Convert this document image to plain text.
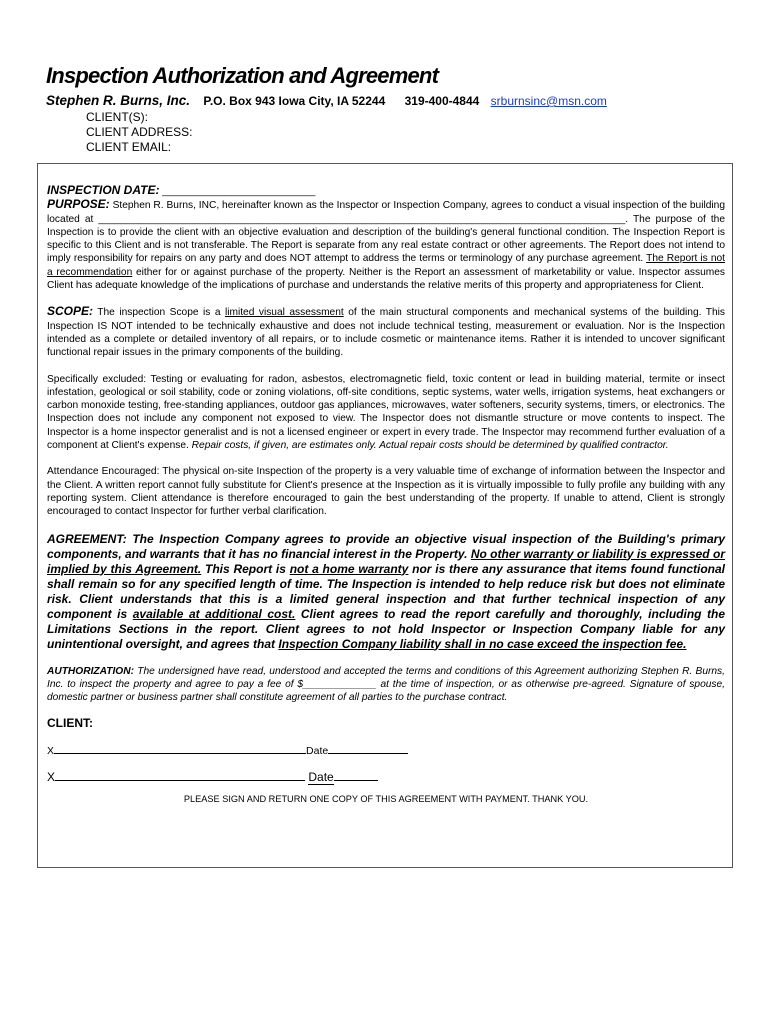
Inspection Authorization and Agreement
Stephen R. Burns, Inc. P.O. Box 943 Iowa City, IA 52244 319-400-4844 srburnsinc@msn.com
CLIENT(S):
CLIENT ADDRESS:
CLIENT EMAIL:

INSPECTION DATE: ___________________________

PURPOSE: Stephen R. Burns, INC, hereinafter known as the Inspector or Inspection Company, agrees to conduct a visual inspection of the building located at _____________________________________________________________________________________________. The purpose of the Inspection is to provide the client with an objective evaluation and description of the building's general functional condition. The Inspection Report is specific to this Client and is not transferable. The Report is separate from any real estate contract or other agreements. The Report does not intend to imply responsibility for repairs on any party and does NOT attempt to address the terms or terminology of any purchase agreement. The Report is not a recommendation either for or against purchase of the property. Neither is the Report an assessment of marketability or value. Inspector assumes Client has adequate knowledge of the implications of purchase and understands the relative merits of this property and appropriateness for Client.

SCOPE: The inspection Scope is a limited visual assessment of the main structural components and mechanical systems of the building. This Inspection IS NOT intended to be technically exhaustive and does not include technical testing, measurement or evaluation. Nor is the Inspection intended as a complete or detailed inventory of all repairs, or to include cosmetic or maintenance items. Rather it is intended to uncover significant functional repair issues in the primary components of the building.

Specifically excluded: Testing or evaluating for radon, asbestos, electromagnetic field, toxic content or lead in building material, termite or insect infestation, geological or soil stability, code or zoning violations, off-site conditions, septic systems, water wells, irrigation systems, heat exchangers or carbon monoxide testing, free-standing appliances, outdoor gas appliances, microwaves, water softeners, security systems, timers, or electronics. The Inspection does not include any component not exposed to view. The Inspector does not dismantle structure or move contents to inspect. The Inspector is a home inspector generalist and is not a licensed engineer or expert in every trade. The Inspector may recommend further evaluation of a component at Client's expense. Repair costs, if given, are estimates only. Actual repair costs should be determined by qualified contractor.

Attendance Encouraged: The physical on-site Inspection of the property is a very valuable time of exchange of information between the Inspector and the Client. A written report cannot fully substitute for Client's presence at the Inspection as it is virtually impossible to fully profile any building with any reporting system. Client attendance is therefore encouraged to gain the best understanding of the property. If unable to attend, Client is strongly encouraged to contact Inspector for further verbal clarification.

AGREEMENT: The Inspection Company agrees to provide an objective visual inspection of the Building's primary components, and warrants that it has no financial interest in the Property. No other warranty or liability is expressed or implied by this Agreement. This Report is not a home warranty nor is there any assurance that items found functional shall remain so for any specified length of time. The Inspection is intended to help reduce risk but does not eliminate risk. Client understands that this is a limited general inspection and that further technical inspection of any component is available at additional cost. Client agrees to read the report carefully and thoroughly, including the Limitations Sections in the report. Client agrees to not hold Inspector or Inspection Company liable for any unintentional oversight, and agrees that Inspection Company liability shall in no case exceed the inspection fee.

AUTHORIZATION: The undersigned have read, understood and accepted the terms and conditions of this Agreement authorizing Stephen R. Burns, Inc. to inspect the property and agree to pay a fee of $_____________ at the time of inspection, or as otherwise pre-agreed. Signature of spouse, domestic partner or business partner shall constitute agreement of all parties to the purchase contract.

CLIENT:
X	Date
X	Date
PLEASE SIGN AND RETURN ONE COPY OF THIS AGREEMENT WITH PAYMENT. THANK YOU.
